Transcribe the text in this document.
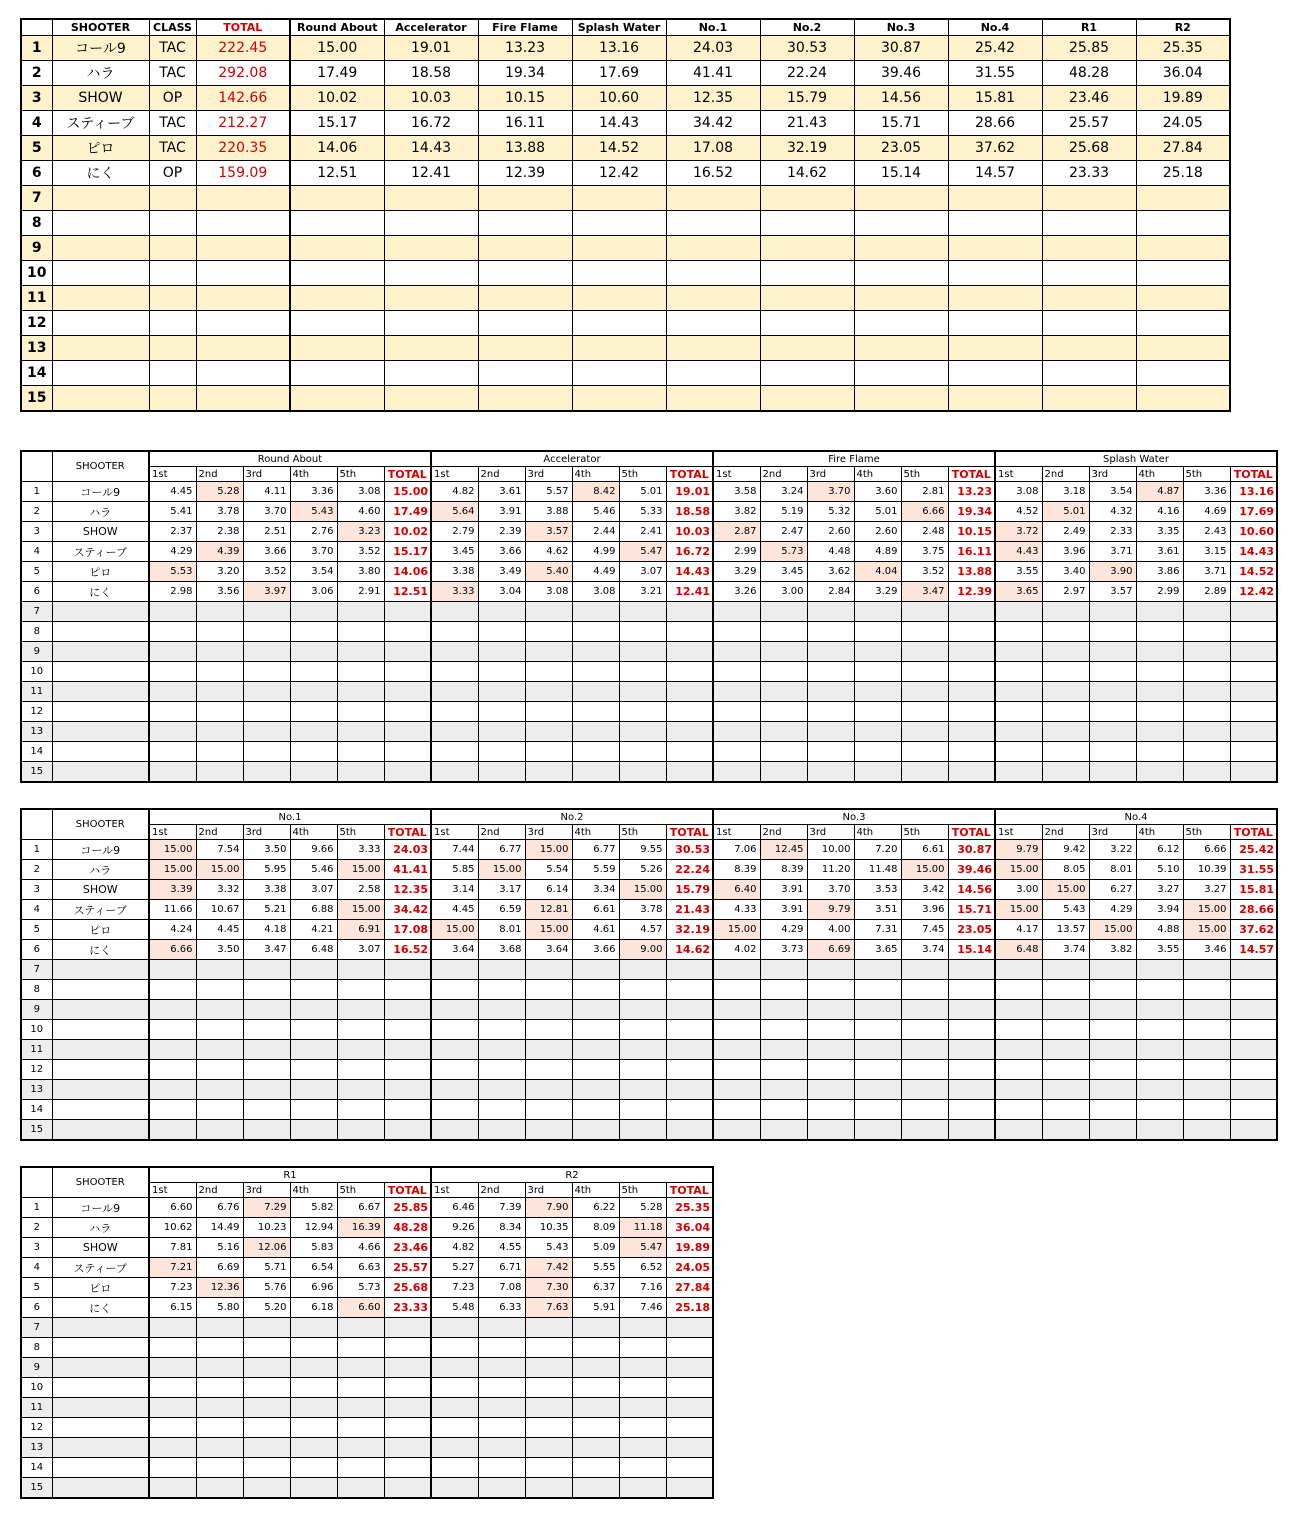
	SHOOTER	CLASS	TOTAL	Round About	Accelerator	Fire Flame	Splash Water	No.1	No.2	No.3	No.4	R1	R2
1	コール9	TAC	222.45	15.00	19.01	13.23	13.16	24.03	30.53	30.87	25.42	25.85	25.35
2	ハラ	TAC	292.08	17.49	18.58	19.34	17.69	41.41	22.24	39.46	31.55	48.28	36.04
3	SHOW	OP	142.66	10.02	10.03	10.15	10.60	12.35	15.79	14.56	15.81	23.46	19.89
4	スティーブ	TAC	212.27	15.17	16.72	16.11	14.43	34.42	21.43	15.71	28.66	25.57	24.05
5	ピロ	TAC	220.35	14.06	14.43	13.88	14.52	17.08	32.19	23.05	37.62	25.68	27.84
6	にく	OP	159.09	12.51	12.41	12.39	12.42	16.52	14.62	15.14	14.57	23.33	25.18
7													
8													
9													
10													
11													
12													
13													
14													
15													
	SHOOTER	Round About						Accelerator						Fire Flame						Splash Water					
		1st	2nd	3rd	4th	5th	TOTAL	1st	2nd	3rd	4th	5th	TOTAL	1st	2nd	3rd	4th	5th	TOTAL	1st	2nd	3rd	4th	5th	TOTAL
1	コール9	4.45	5.28	4.11	3.36	3.08	15.00	4.82	3.61	5.57	8.42	5.01	19.01	3.58	3.24	3.70	3.60	2.81	13.23	3.08	3.18	3.54	4.87	3.36	13.16
2	ハラ	5.41	3.78	3.70	5.43	4.60	17.49	5.64	3.91	3.88	5.46	5.33	18.58	3.82	5.19	5.32	5.01	6.66	19.34	4.52	5.01	4.32	4.16	4.69	17.69
3	SHOW	2.37	2.38	2.51	2.76	3.23	10.02	2.79	2.39	3.57	2.44	2.41	10.03	2.87	2.47	2.60	2.60	2.48	10.15	3.72	2.49	2.33	3.35	2.43	10.60
4	スティーブ	4.29	4.39	3.66	3.70	3.52	15.17	3.45	3.66	4.62	4.99	5.47	16.72	2.99	5.73	4.48	4.89	3.75	16.11	4.43	3.96	3.71	3.61	3.15	14.43
5	ピロ	5.53	3.20	3.52	3.54	3.80	14.06	3.38	3.49	5.40	4.49	3.07	14.43	3.29	3.45	3.62	4.04	3.52	13.88	3.55	3.40	3.90	3.86	3.71	14.52
6	にく	2.98	3.56	3.97	3.06	2.91	12.51	3.33	3.04	3.08	3.08	3.21	12.41	3.26	3.00	2.84	3.29	3.47	12.39	3.65	2.97	3.57	2.99	2.89	12.42
7																									
8																									
9																									
10																									
11																									
12																									
13																									
14																									
15																									
	SHOOTER	No.1						No.2						No.3						No.4					
		1st	2nd	3rd	4th	5th	TOTAL	1st	2nd	3rd	4th	5th	TOTAL	1st	2nd	3rd	4th	5th	TOTAL	1st	2nd	3rd	4th	5th	TOTAL
1	コール9	15.00	7.54	3.50	9.66	3.33	24.03	7.44	6.77	15.00	6.77	9.55	30.53	7.06	12.45	10.00	7.20	6.61	30.87	9.79	9.42	3.22	6.12	6.66	25.42
2	ハラ	15.00	15.00	5.95	5.46	15.00	41.41	5.85	15.00	5.54	5.59	5.26	22.24	8.39	8.39	11.20	11.48	15.00	39.46	15.00	8.05	8.01	5.10	10.39	31.55
3	SHOW	3.39	3.32	3.38	3.07	2.58	12.35	3.14	3.17	6.14	3.34	15.00	15.79	6.40	3.91	3.70	3.53	3.42	14.56	3.00	15.00	6.27	3.27	3.27	15.81
4	スティーブ	11.66	10.67	5.21	6.88	15.00	34.42	4.45	6.59	12.81	6.61	3.78	21.43	4.33	3.91	9.79	3.51	3.96	15.71	15.00	5.43	4.29	3.94	15.00	28.66
5	ピロ	4.24	4.45	4.18	4.21	6.91	17.08	15.00	8.01	15.00	4.61	4.57	32.19	15.00	4.29	4.00	7.31	7.45	23.05	4.17	13.57	15.00	4.88	15.00	37.62
6	にく	6.66	3.50	3.47	6.48	3.07	16.52	3.64	3.68	3.64	3.66	9.00	14.62	4.02	3.73	6.69	3.65	3.74	15.14	6.48	3.74	3.82	3.55	3.46	14.57
7																									
8																									
9																									
10																									
11																									
12																									
13																									
14																									
15																									
	SHOOTER	R1						R2					
		1st	2nd	3rd	4th	5th	TOTAL	1st	2nd	3rd	4th	5th	TOTAL
1	コール9	6.60	6.76	7.29	5.82	6.67	25.85	6.46	7.39	7.90	6.22	5.28	25.35
2	ハラ	10.62	14.49	10.23	12.94	16.39	48.28	9.26	8.34	10.35	8.09	11.18	36.04
3	SHOW	7.81	5.16	12.06	5.83	4.66	23.46	4.82	4.55	5.43	5.09	5.47	19.89
4	スティーブ	7.21	6.69	5.71	6.54	6.63	25.57	5.27	6.71	7.42	5.55	6.52	24.05
5	ピロ	7.23	12.36	5.76	6.96	5.73	25.68	7.23	7.08	7.30	6.37	7.16	27.84
6	にく	6.15	5.80	5.20	6.18	6.60	23.33	5.48	6.33	7.63	5.91	7.46	25.18
7													
8													
9													
10													
11													
12													
13													
14													
15													
